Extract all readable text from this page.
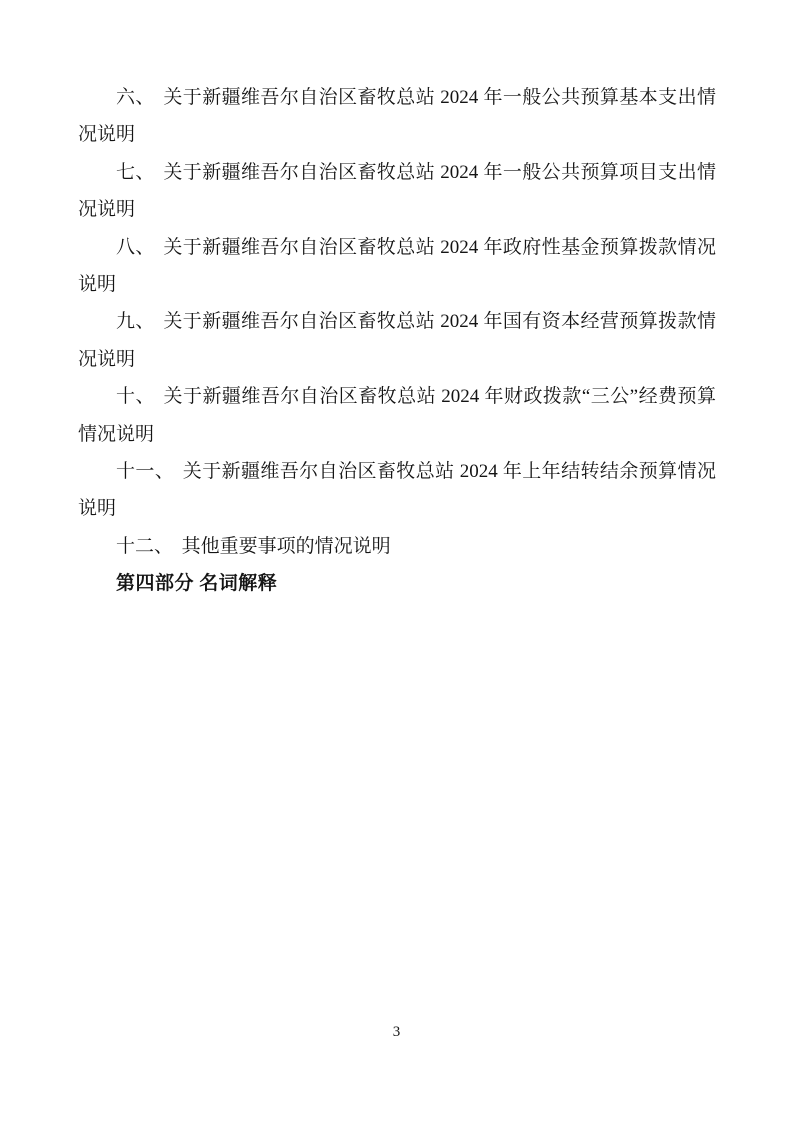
六、 关于新疆维吾尔自治区畜牧总站 2024 年一般公共预算基本支出情况说明

七、 关于新疆维吾尔自治区畜牧总站 2024 年一般公共预算项目支出情况说明

八、 关于新疆维吾尔自治区畜牧总站 2024 年政府性基金预算拨款情况说明

九、 关于新疆维吾尔自治区畜牧总站 2024 年国有资本经营预算拨款情况说明

十、 关于新疆维吾尔自治区畜牧总站 2024 年财政拨款“三公”经费预算情况说明

十一、 关于新疆维吾尔自治区畜牧总站 2024 年上年结转结余预算情况说明

十二、 其他重要事项的情况说明

第四部分 名词解释

3
